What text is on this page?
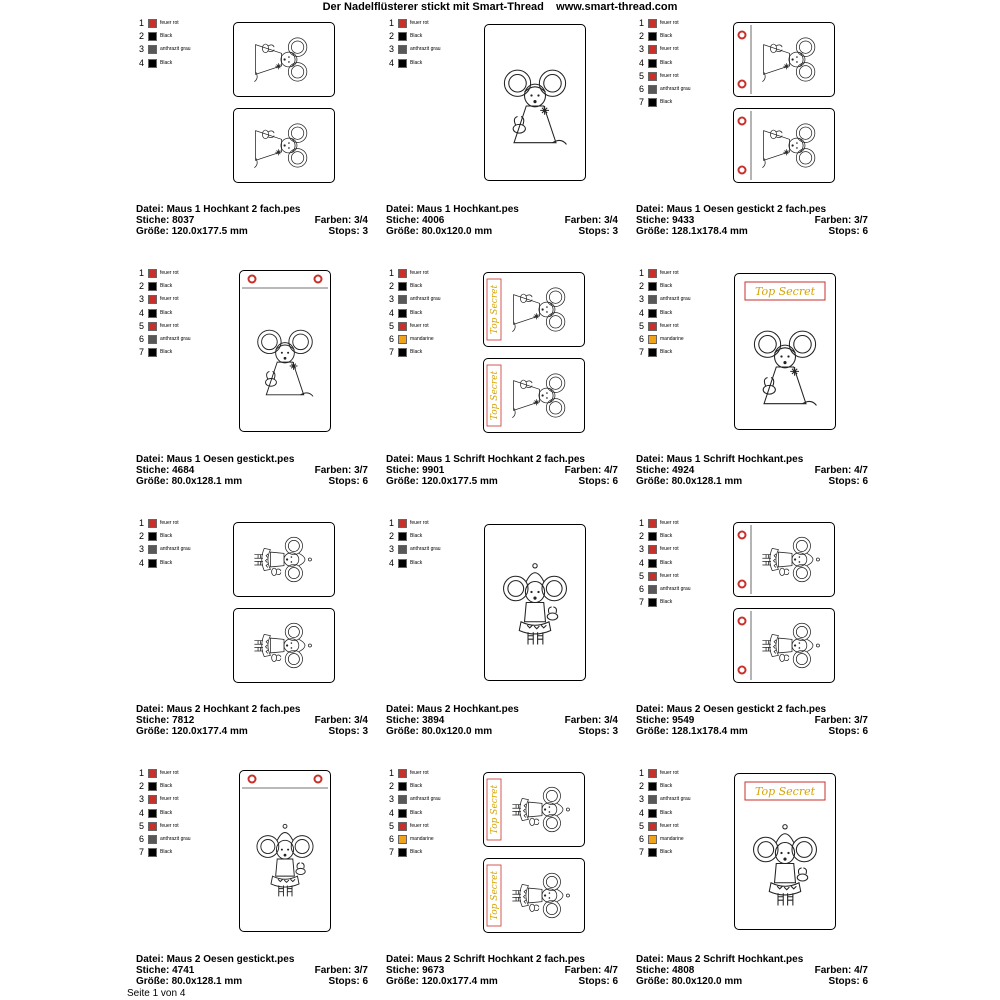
Der Nadelflüsterer stickt mit Smart-Thread www.smart-thread.com
1	feuer rot
2	Black
3	anthrazit grau
4	Black
Datei: Maus 1 Hochkant 2 fach.pes
Stiche: 8037	Farben: 3/4
Größe: 120.0x177.5 mm	Stops: 3
1	feuer rot
2	Black
3	anthrazit grau
4	Black
Datei: Maus 1 Hochkant.pes
Stiche: 4006	Farben: 3/4
Größe: 80.0x120.0 mm	Stops: 3
1	feuer rot
2	Black
3	feuer rot
4	Black
5	feuer rot
6	anthrazit grau
7	Black
Datei: Maus 1 Oesen gestickt 2 fach.pes
Stiche: 9433	Farben: 3/7
Größe: 128.1x178.4 mm	Stops: 6
1	feuer rot
2	Black
3	feuer rot
4	Black
5	feuer rot
6	anthrazit grau
7	Black
Datei: Maus 1 Oesen gestickt.pes
Stiche: 4684	Farben: 3/7
Größe: 80.0x128.1 mm	Stops: 6
1	feuer rot
2	Black
3	anthrazit grau
4	Black
5	feuer rot
6	mandarine
7	Black
Top Secret
Top Secret
Datei: Maus 1 Schrift Hochkant 2 fach.pes
Stiche: 9901	Farben: 4/7
Größe: 120.0x177.5 mm	Stops: 6
1	feuer rot
2	Black
3	anthrazit grau
4	Black
5	feuer rot
6	mandarine
7	Black
Top Secret
Datei: Maus 1 Schrift Hochkant.pes
Stiche: 4924	Farben: 4/7
Größe: 80.0x128.1 mm	Stops: 6
1	feuer rot
2	Black
3	anthrazit grau
4	Black
Datei: Maus 2 Hochkant 2 fach.pes
Stiche: 7812	Farben: 3/4
Größe: 120.0x177.4 mm	Stops: 3
1	feuer rot
2	Black
3	anthrazit grau
4	Black
Datei: Maus 2 Hochkant.pes
Stiche: 3894	Farben: 3/4
Größe: 80.0x120.0 mm	Stops: 3
1	feuer rot
2	Black
3	feuer rot
4	Black
5	feuer rot
6	anthrazit grau
7	Black
Datei: Maus 2 Oesen gestickt 2 fach.pes
Stiche: 9549	Farben: 3/7
Größe: 128.1x178.4 mm	Stops: 6
1	feuer rot
2	Black
3	feuer rot
4	Black
5	feuer rot
6	anthrazit grau
7	Black
Datei: Maus 2 Oesen gestickt.pes
Stiche: 4741	Farben: 3/7
Größe: 80.0x128.1 mm	Stops: 6
1	feuer rot
2	Black
3	anthrazit grau
4	Black
5	feuer rot
6	mandarine
7	Black
Top Secret
Top Secret
Datei: Maus 2 Schrift Hochkant 2 fach.pes
Stiche: 9673	Farben: 4/7
Größe: 120.0x177.4 mm	Stops: 6
1	feuer rot
2	Black
3	anthrazit grau
4	Black
5	feuer rot
6	mandarine
7	Black
Top Secret
Datei: Maus 2 Schrift Hochkant.pes
Stiche: 4808	Farben: 4/7
Größe: 80.0x120.0 mm	Stops: 6
Seite 1 von 4
